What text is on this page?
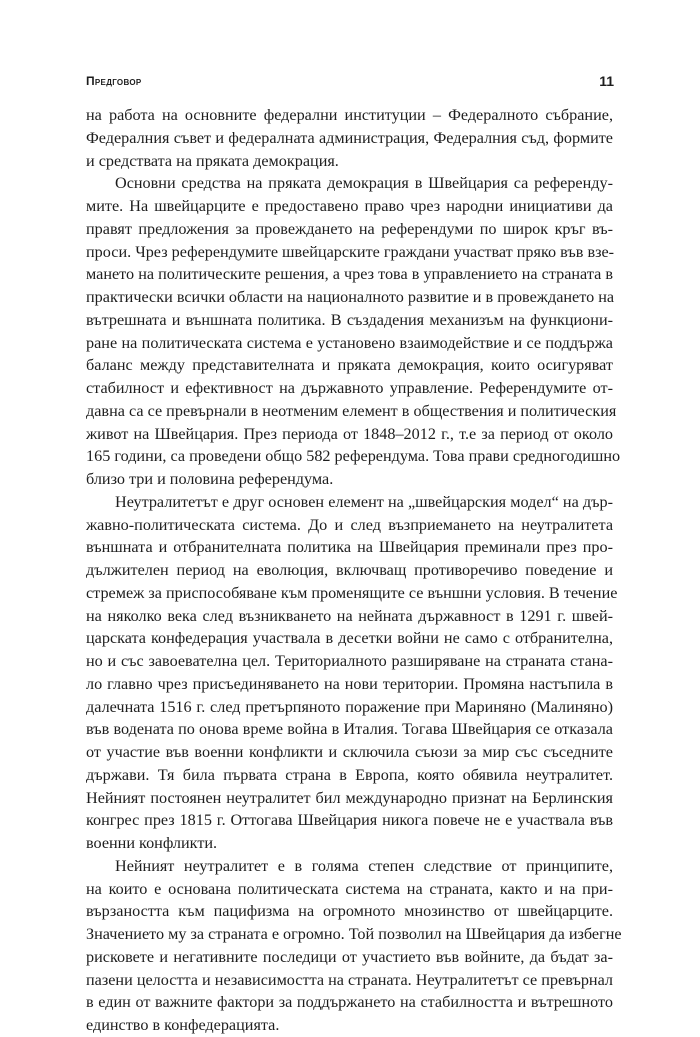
Предговор	11
на работа на основните федерални институции – Федералното събрание,
Федералния съвет и федералната администрация, Федералния съд, формите
и средствата на пряката демокрация.
Основни средства на пряката демокрация в Швейцария са референду-
мите. На швейцарците е предоставено право чрез народни инициативи да
правят предложения за провеждането на референдуми по широк кръг въ-
проси. Чрез референдумите швейцарските граждани участват пряко във взе-
мането на политическите решения, а чрез това в управлението на страната в
практически всички области на националното развитие и в провеждането на
вътрешната и външната политика. В създадения механизъм на функциони-
ране на политическата система е установено взаимодействие и се поддържа
баланс между представителната и пряката демокрация, които осигуряват
стабилност и ефективност на държавното управление. Референдумите от-
давна са се превърнали в неотменим елемент в обществения и политическия
живот на Швейцария. През периода от 1848–2012 г., т.е за период от около
165 години, са проведени общо 582 референдума. Това прави средногодишно
близо три и половина референдума.
Неутралитетът е друг основен елемент на „швейцарския модел“ на дър-
жавно-политическата система. До и след възприемането на неутралитета
външната и отбранителната политика на Швейцария преминали през про-
дължителен период на еволюция, включващ противоречиво поведение и
стремеж за приспособяване към променящите се външни условия. В течение
на няколко века след възникването на нейната държавност в 1291 г. швей-
царската конфедерация участвала в десетки войни не само с отбранителна,
но и със завоевателна цел. Териториалното разширяване на страната стана-
ло главно чрез присъединяването на нови територии. Промяна настъпила в
далечната 1516 г. след претърпяното поражение при Мариняно (Малиняно)
във водената по онова време война в Италия. Тогава Швейцария се отказала
от участие във военни конфликти и сключила съюзи за мир със съседните
държави. Тя била първата страна в Европа, която обявила неутралитет.
Нейният постоянен неутралитет бил международно признат на Берлинския
конгрес през 1815 г. Оттогава Швейцария никога повече не е участвала във
военни конфликти.
Нейният неутралитет е в голяма степен следствие от принципите,
на които е основана политическата система на страната, както и на при-
вързаността към пацифизма на огромното мнозинство от швейцарците.
Значението му за страната е огромно. Той позволил на Швейцария да избегне
рисковете и негативните последици от участието във войните, да бъдат за-
пазени целостта и независимостта на страната. Неутралитетът се превърнал
в един от важните фактори за поддържането на стабилността и вътрешното
единство в конфедерацията.
